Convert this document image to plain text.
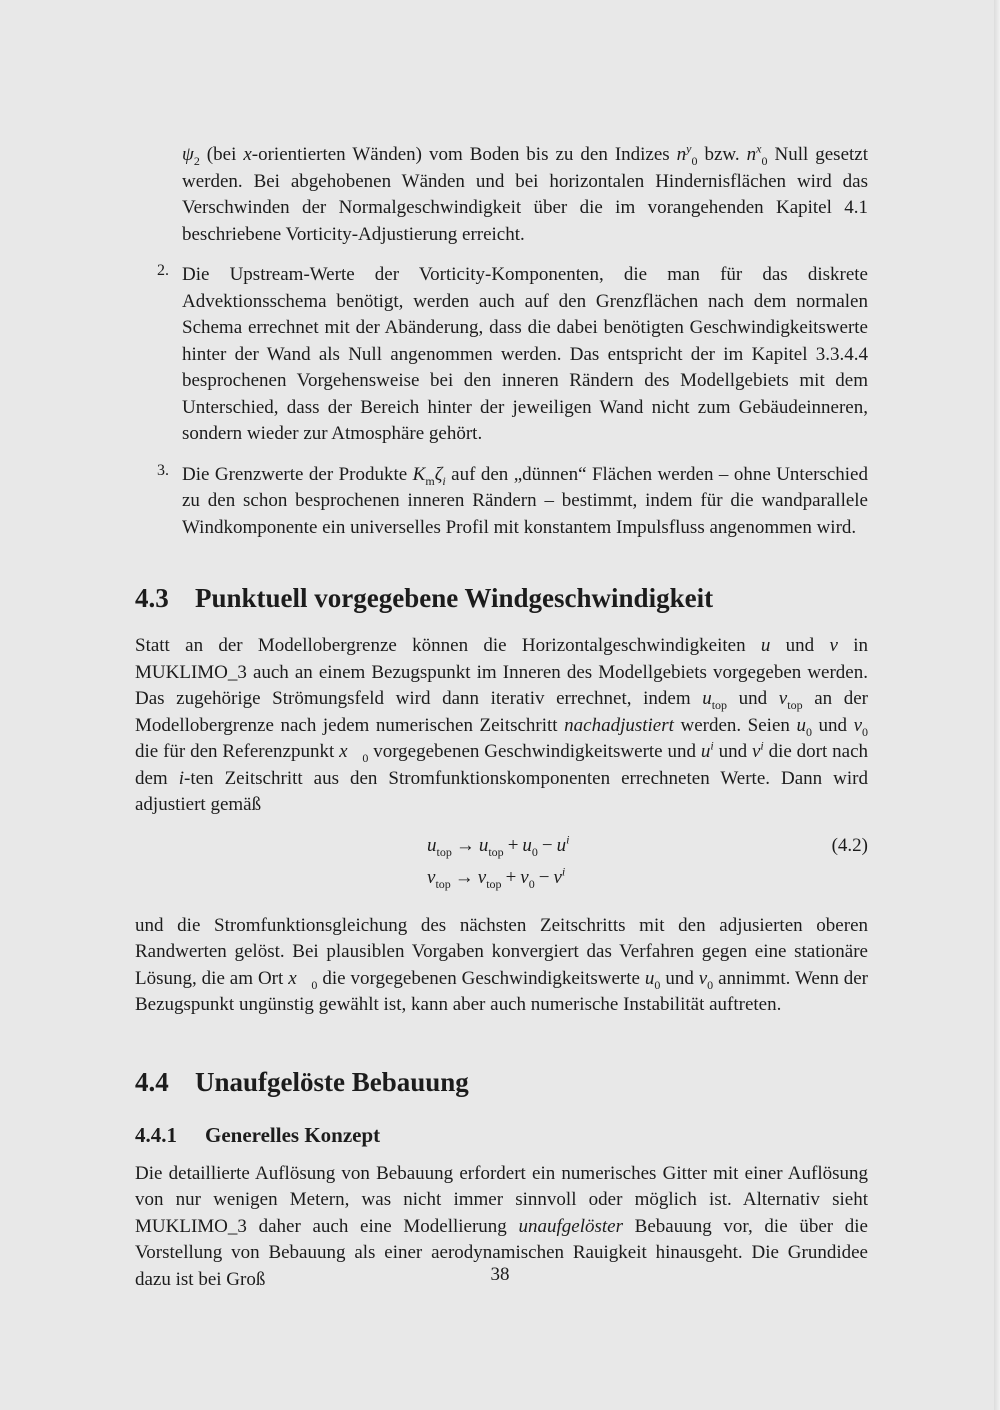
$\psi_2$ (bei x-orientierten Wänden) vom Boden bis zu den Indizes $n^y_0$ bzw. $n^x_0$ Null gesetzt werden. Bei abgehobenen Wänden und bei horizontalen Hindernisflächen wird das Verschwinden der Normalgeschwindigkeit über die im vorangehenden Kapitel 4.1 beschriebene Vorticity-Adjustierung erreicht.

2. Die Upstream-Werte der Vorticity-Komponenten, die man für das diskrete Advektionsschema benötigt, werden auch auf den Grenzflächen nach dem normalen Schema errechnet mit der Abänderung, dass die dabei benötigten Geschwindigkeitswerte hinter der Wand als Null angenommen werden. Das entspricht der im Kapitel 3.3.4.4 besprochenen Vorgehensweise bei den inneren Rändern des Modellgebiets mit dem Unterschied, dass der Bereich hinter der jeweiligen Wand nicht zum Gebäudeinneren, sondern wieder zur Atmosphäre gehört.

3. Die Grenzwerte der Produkte $K_m\zeta_i$ auf den „dünnen“ Flächen werden – ohne Unterschied zu den schon besprochenen inneren Rändern – bestimmt, indem für die wandparallele Windkomponente ein universelles Profil mit konstantem Impulsfluss angenommen wird.

4.3 Punktuell vorgegebene Windgeschwindigkeit

Statt an der Modellobergrenze können die Horizontalgeschwindigkeiten u und v in MUKLIMO_3 auch an einem Bezugspunkt im Inneren des Modellgebiets vorgegeben werden. Das zugehörige Strömungsfeld wird dann iterativ errechnet, indem $u_{top}$ und $v_{top}$ an der Modellobergrenze nach jedem numerischen Zeitschritt nachadjustiert werden. Seien $u_0$ und $v_0$ die für den Referenzpunkt $x⃗_0$ vorgegebenen Geschwindigkeitswerte und $u^i$ und $v^i$ die dort nach dem i-ten Zeitschritt aus den Stromfunktionskomponenten errechneten Werte. Dann wird adjustiert gemäß

$u_{top} \to u_{top} + u_0 - u^i$
$v_{top} \to v_{top} + v_0 - v^i$
(4.2)

und die Stromfunktionsgleichung des nächsten Zeitschritts mit den adjusierten oberen Randwerten gelöst. Bei plausiblen Vorgaben konvergiert das Verfahren gegen eine stationäre Lösung, die am Ort $x⃗_0$ die vorgegebenen Geschwindigkeitswerte $u_0$ und $v_0$ annimmt. Wenn der Bezugspunkt ungünstig gewählt ist, kann aber auch numerische Instabilität auftreten.

4.4 Unaufgelöste Bebauung
4.4.1 Generelles Konzept

Die detaillierte Auflösung von Bebauung erfordert ein numerisches Gitter mit einer Auflösung von nur wenigen Metern, was nicht immer sinnvoll oder möglich ist. Alternativ sieht MUKLIMO_3 daher auch eine Modellierung unaufgelöster Bebauung vor, die über die Vorstellung von Bebauung als einer aerodynamischen Rauigkeit hinausgeht. Die Grundidee dazu ist bei Groß	38
